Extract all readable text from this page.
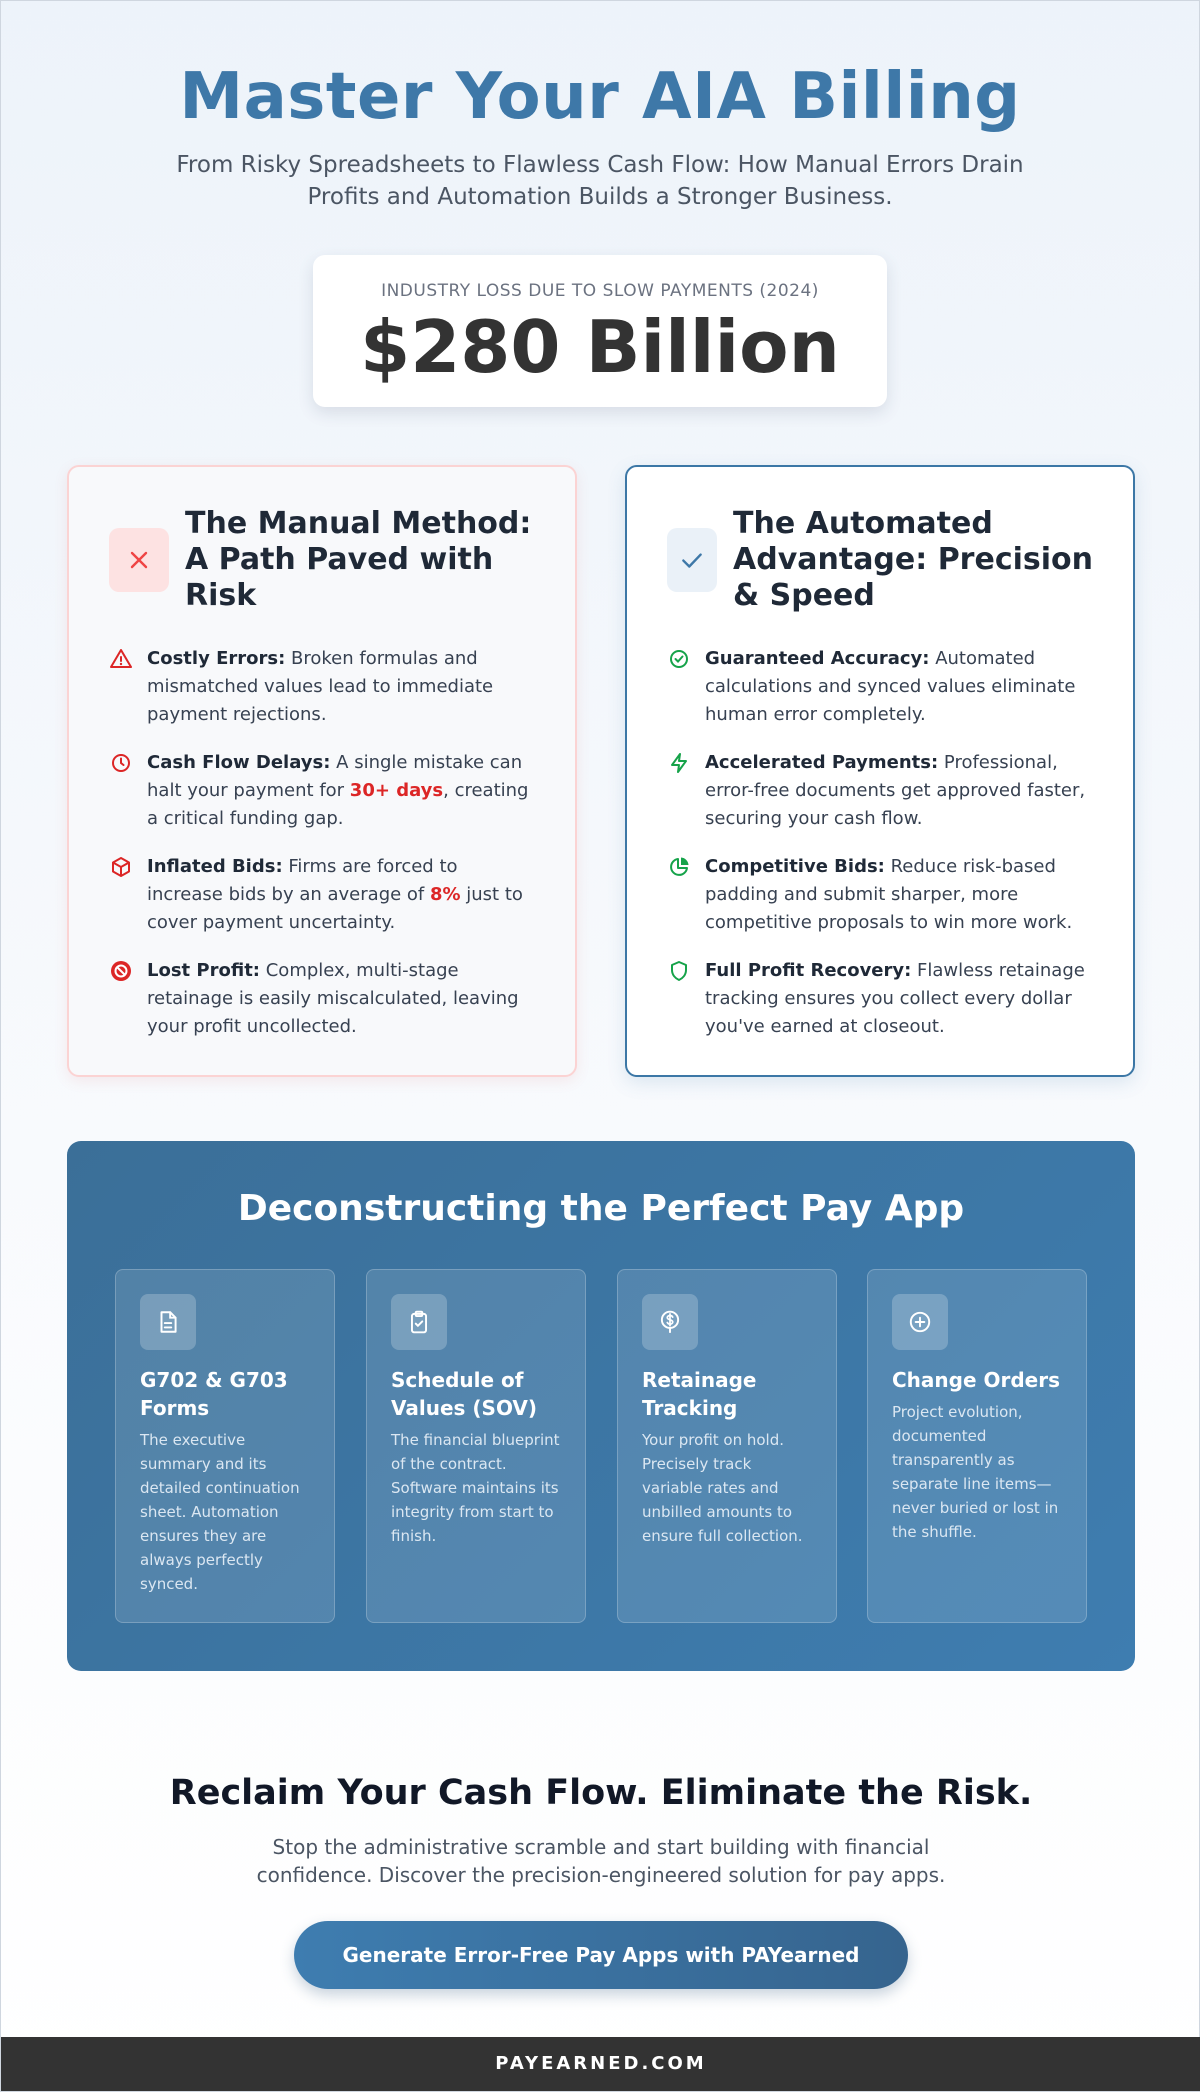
Master Your AIA Billing

From Risky Spreadsheets to Flawless Cash Flow: How Manual Errors Drain Profits and Automation Builds a Stronger Business.

INDUSTRY LOSS DUE TO SLOW PAYMENTS (2024)
$280 Billion
The Manual Method: A Path Paved with Risk

Costly Errors: Broken formulas and mismatched values lead to immediate payment rejections.

Cash Flow Delays: A single mistake can halt your payment for 30+ days, creating a critical funding gap.

Inflated Bids: Firms are forced to increase bids by an average of 8% just to cover payment uncertainty.

Lost Profit: Complex, multi-stage retainage is easily miscalculated, leaving your profit uncollected.

The Automated Advantage: Precision & Speed

Guaranteed Accuracy: Automated calculations and synced values eliminate human error completely.

Accelerated Payments: Professional, error-free documents get approved faster, securing your cash flow.

Competitive Bids: Reduce risk-based padding and submit sharper, more competitive proposals to win more work.

Full Profit Recovery: Flawless retainage tracking ensures you collect every dollar you've earned at closeout.

Deconstructing the Perfect Pay App
G702 & G703 Forms

The executive summary and its detailed continuation sheet. Automation ensures they are always perfectly synced.

Schedule of Values (SOV)

The financial blueprint of the contract. Software maintains its integrity from start to finish.

Retainage Tracking

Your profit on hold. Precisely track variable rates and unbilled amounts to ensure full collection.

Change Orders

Project evolution, documented transparently as separate line items—never buried or lost in the shuffle.

Reclaim Your Cash Flow. Eliminate the Risk.

Stop the administrative scramble and start building with financial confidence. Discover the precision-engineered solution for pay apps.

Generate Error-Free Pay Apps with PAYearned
PAYEARNED.COM
